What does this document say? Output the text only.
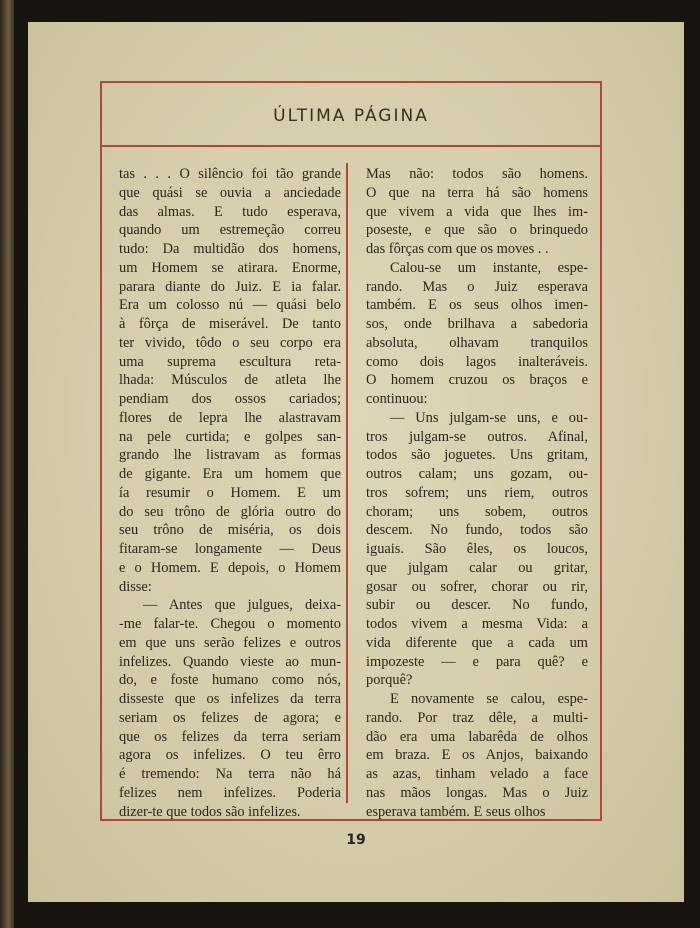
ÚLTIMA PÁGINA
tas . . . O silêncio foi tão grande
que quási se ouvia a anciedade
das almas. E tudo esperava,
quando um estremeção correu
tudo: Da multidão dos homens,
um Homem se atirara. Enorme,
parara diante do Juiz. E ia falar.
Era um colosso nú — quási belo
à fôrça de miserável. De tanto
ter vivido, tôdo o seu corpo era
uma suprema escultura reta-
lhada: Músculos de atleta lhe
pendiam dos ossos cariados;
flores de lepra lhe alastravam
na pele curtida; e golpes san-
grando lhe listravam as formas
de gigante. Era um homem que
ía resumir o Homem. E um
do seu trôno de glória outro do
seu trôno de miséria, os dois
fitaram-se longamente — Deus
e o Homem. E depois, o Homem
disse:
— Antes que julgues, deixa-
-me falar-te. Chegou o momento
em que uns serão felizes e outros
infelizes. Quando vieste ao mun-
do, e foste humano como nós,
disseste que os infelizes da terra
seriam os felizes de agora; e
que os felizes da terra seriam
agora os infelizes. O teu êrro
é tremendo: Na terra não há
felizes nem infelizes. Poderia
dizer-te que todos são infelizes.
Mas não: todos são homens.
O que na terra há são homens
que vivem a vida que lhes im-
poseste, e que são o brinquedo
das fôrças com que os moves . .
Calou-se um instante, espe-
rando. Mas o Juiz esperava
também. E os seus olhos imen-
sos, onde brilhava a sabedoria
absoluta, olhavam tranquilos
como dois lagos inalteráveis.
O homem cruzou os braços e
continuou:
— Uns julgam-se uns, e ou-
tros julgam-se outros. Afinal,
todos são joguetes. Uns gritam,
outros calam; uns gozam, ou-
tros sofrem; uns riem, outros
choram; uns sobem, outros
descem. No fundo, todos são
iguais. São êles, os loucos,
que julgam calar ou gritar,
gosar ou sofrer, chorar ou rir,
subir ou descer. No fundo,
todos vivem a mesma Vida: a
vida diferente que a cada um
impozeste — e para quê? e
porquê?
E novamente se calou, espe-
rando. Por traz dêle, a multi-
dão era uma labarêda de olhos
em braza. E os Anjos, baixando
as azas, tinham velado a face
nas mãos longas. Mas o Juiz
esperava também. E seus olhos
19
